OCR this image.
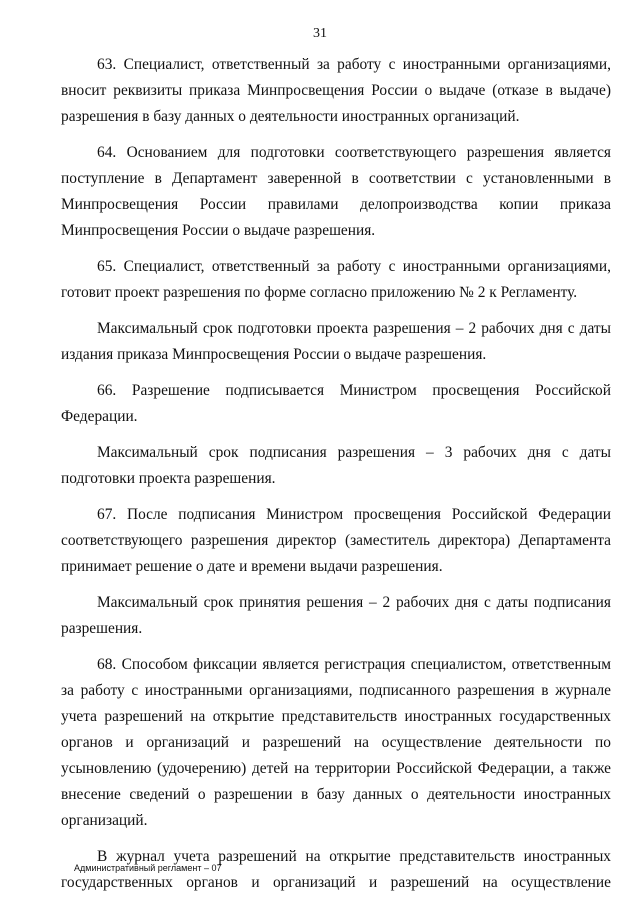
31

63. Специалист, ответственный за работу с иностранными организациями, вносит реквизиты приказа Минпросвещения России о выдаче (отказе в выдаче) разрешения в базу данных о деятельности иностранных организаций.

64. Основанием для подготовки соответствующего разрешения является поступление в Департамент заверенной в соответствии с установленными в Минпросвещения России правилами делопроизводства копии приказа Минпросвещения России о выдаче разрешения.

65. Специалист, ответственный за работу с иностранными организациями, готовит проект разрешения по форме согласно приложению № 2 к Регламенту.

Максимальный срок подготовки проекта разрешения – 2 рабочих дня с даты издания приказа Минпросвещения России о выдаче разрешения.

66. Разрешение подписывается Министром просвещения Российской Федерации.

Максимальный срок подписания разрешения – 3 рабочих дня с даты подготовки проекта разрешения.

67. После подписания Министром просвещения Российской Федерации соответствующего разрешения директор (заместитель директора) Департамента принимает решение о дате и времени выдачи разрешения.

Максимальный срок принятия решения – 2 рабочих дня с даты подписания разрешения.

68. Способом фиксации является регистрация специалистом, ответственным за работу с иностранными организациями, подписанного разрешения в журнале учета разрешений на открытие представительств иностранных государственных органов и организаций и разрешений на осуществление деятельности по усыновлению (удочерению) детей на территории Российской Федерации, а также внесение сведений о разрешении в базу данных о деятельности иностранных организаций.

В журнал учета разрешений на открытие представительств иностранных государственных органов и организаций и разрешений на осуществление

Административный регламент – 07
